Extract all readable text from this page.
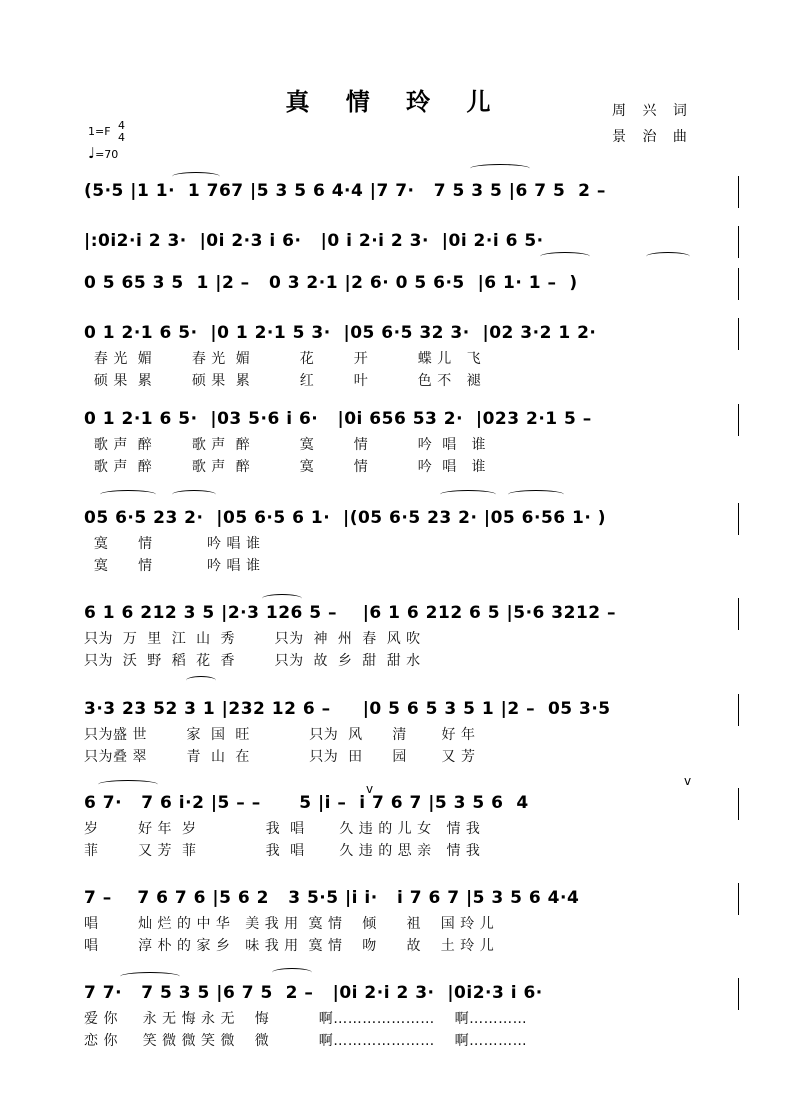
真 情 玲 儿	周 兴 词
景 治 曲
1=F 4
4
♩=70
(5·5 |1 1·  1 767 |5 3 5 6 4·4 |7 7·   7 5 3 5 |6 7 5  2 –
|:0i2·i 2 3·  |0i 2·3 i 6·   |0 i 2·i 2 3·  |0i 2·i 6 5·
0 5 65 3 5  1 |2 –   0 3 2·1 |2 6· 0 5 6·5  |6 1· 1 –  )
0 1 2·1 6 5·  |0 1 2·1 5 3·  |05 6·5 32 3·  |02 3·2 1 2·
春 光  媚        春 光  媚          花        开          蝶 儿   飞
硕 果  累        硕 果  累          红        叶          色 不   褪
0 1 2·1 6 5·  |03 5·6 i 6·   |0i 656 53 2·  |023 2·1 5 –
歌 声  醉        歌 声  醉          寞        情          吟  唱   谁
歌 声  醉        歌 声  醉          寞        情          吟  唱   谁
05 6·5 23 2·  |05 6·5 6 1·  |(05 6·5 23 2· |05 6·56 1· )
寞      情           吟 唱 谁
寞      情           吟 唱 谁
6 1 6 212 3 5 |2·3 126 5 –    |6 1 6 212 6 5 |5·6 3212 –
只为  万  里  江  山  秀        只为  神  州  春  风 吹
只为  沃  野  稻  花  香        只为  故  乡  甜  甜 水
3·3 23 52 3 1 |232 12 6 –     |0 5 6 5 3 5 1 |2 –  05 3·5
只为盛 世        家  国  旺            只为  风      清       好 年
只为叠 翠        青  山  在            只为  田      园       又 芳
6 7·   7 6 i·2 |5 – –      5 |i –  i 7 6 7 |5 3 5 6  4
岁        好 年  岁              我  唱       久 违 的 儿 女   情 我
菲        又 芳  菲              我  唱       久 违 的 思 亲   情 我
7 –    7 6 7 6 |5 6 2   3 5·5 |i i·   i 7 6 7 |5 3 5 6 4·4
唱        灿 烂 的 中 华   美 我 用  寞 情    倾      祖    国 玲 儿
唱        淳 朴 的 家 乡   味 我 用  寞 情    吻      故    土 玲 儿
7 7·   7 5 3 5 |6 7 5  2 –   |0i 2·i 2 3·  |0i2·3 i 6·
爱 你     永 无 悔 永 无    悔          啊…………………    啊…………
恋 你     笑 微 微 笑 微    微          啊…………………    啊…………
v
v
